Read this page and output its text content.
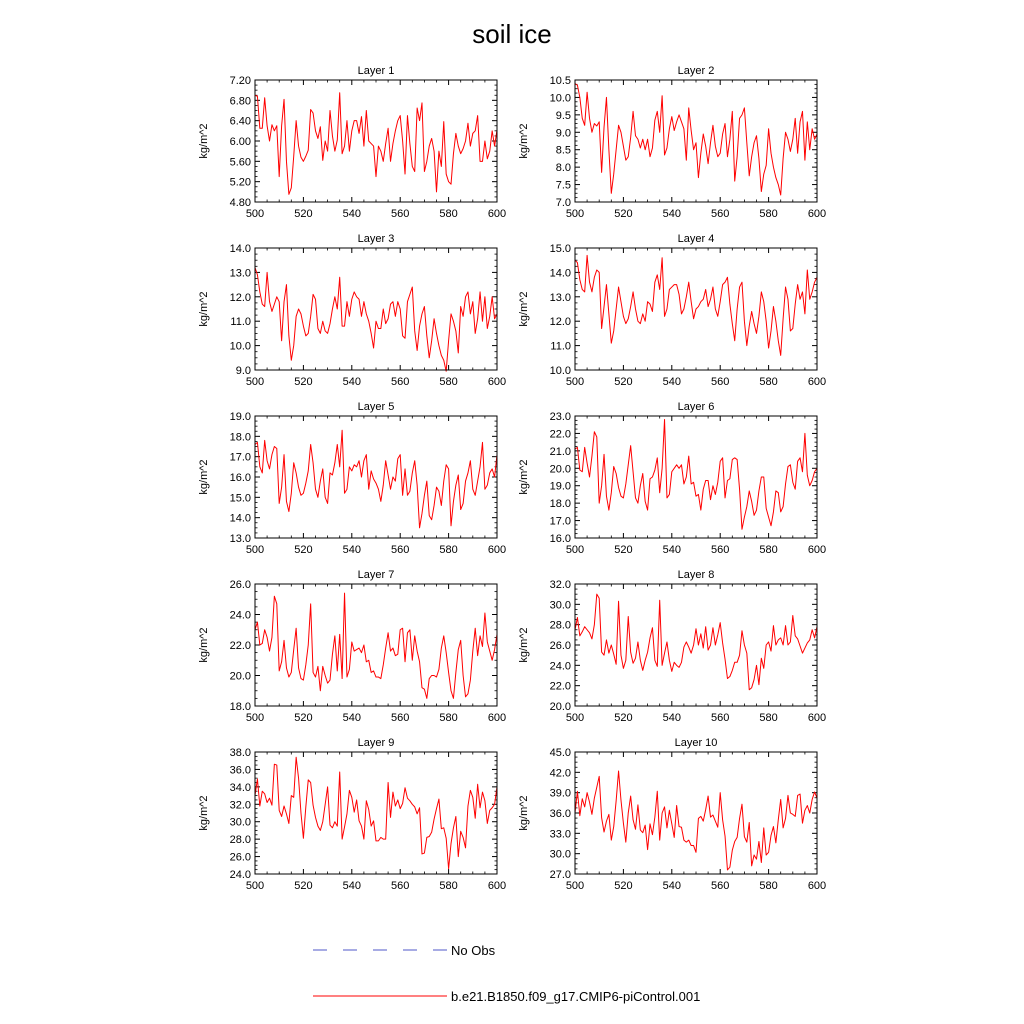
soil ice
No Obs
b.e21.B1850.f09_g17.CMIP6-piControl.001
Layer 1
kg/m^2
500	520	540	560	580	600
4.80
5.20
5.60
6.00
6.40
6.80
7.20
Layer 2
kg/m^2
500	520	540	560	580	600
7.0
7.5
8.0
8.5
9.0
9.5
10.0
10.5
Layer 3
kg/m^2
500	520	540	560	580	600
9.0
10.0
11.0
12.0
13.0
14.0
Layer 4
kg/m^2
500	520	540	560	580	600
10.0
11.0
12.0
13.0
14.0
15.0
Layer 5
kg/m^2
500	520	540	560	580	600
13.0
14.0
15.0
16.0
17.0
18.0
19.0
Layer 6
kg/m^2
500	520	540	560	580	600
16.0
17.0
18.0
19.0
20.0
21.0
22.0
23.0
Layer 7
kg/m^2
500	520	540	560	580	600
18.0
20.0
22.0
24.0
26.0
Layer 8
kg/m^2
500	520	540	560	580	600
20.0
22.0
24.0
26.0
28.0
30.0
32.0
Layer 9
kg/m^2
500	520	540	560	580	600
24.0
26.0
28.0
30.0
32.0
34.0
36.0
38.0
Layer 10
kg/m^2
500	520	540	560	580	600
27.0
30.0
33.0
36.0
39.0
42.0
45.0
